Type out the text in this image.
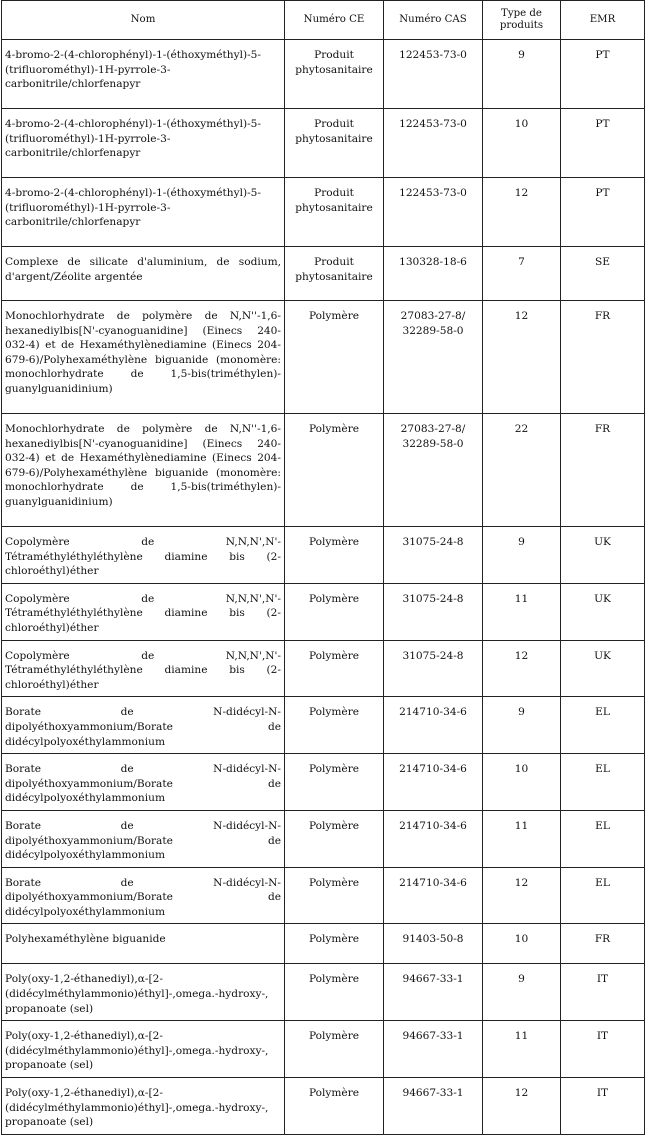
Nom	Numéro CE	Numéro CAS	Type de produits	EMR
4-bromo-2-(4-chlorophényl)-1-(éthoxyméthyl)-5-(trifluorométhyl)-1H-pyrrole-3-carbonitrile/chlorfenapyr	Produit phytosanitaire	122453-73-0	9	PT
4-bromo-2-(4-chlorophényl)-1-(éthoxyméthyl)-5-(trifluorométhyl)-1H-pyrrole-3-carbonitrile/chlorfenapyr	Produit phytosanitaire	122453-73-0	10	PT
4-bromo-2-(4-chlorophényl)-1-(éthoxyméthyl)-5-(trifluorométhyl)-1H-pyrrole-3-carbonitrile/chlorfenapyr	Produit phytosanitaire	122453-73-0	12	PT
Complexe de silicate d'aluminium, de sodium, d'argent/Zéolite argentée	Produit phytosanitaire	130328-18-6	7	SE
Monochlorhydrate de polymère de N,N''-1,6-hexanediylbis[N'-cyanoguanidine] (Einecs 240-032-4) et de Hexaméthylènediamine (Einecs 204-679-6)/Polyhexaméthylène biguanide (monomère: monochlorhydrate de 1,5-bis(triméthylen)-guanylguanidinium)	Polymère	27083-27-8/ 32289-58-0	12	FR
Monochlorhydrate de polymère de N,N''-1,6-hexanediylbis[N'-cyanoguanidine] (Einecs 240-032-4) et de Hexaméthylènediamine (Einecs 204-679-6)/Polyhexaméthylène biguanide (monomère: monochlorhydrate de 1,5-bis(triméthylen)-guanylguanidinium)	Polymère	27083-27-8/ 32289-58-0	22	FR
Copolymère de N,N,N',N'-Tétraméthyléthyléthylène diamine bis (2-chloroéthyl)éther	Polymère	31075-24-8	9	UK
Copolymère de N,N,N',N'-Tétraméthyléthyléthylène diamine bis (2-chloroéthyl)éther	Polymère	31075-24-8	11	UK
Copolymère de N,N,N',N'-Tétraméthyléthyléthylène diamine bis (2-chloroéthyl)éther	Polymère	31075-24-8	12	UK
Borate de N-didécyl-N-dipolyéthoxyammonium/Borate de didécylpolyoxéthylammonium	Polymère	214710-34-6	9	EL
Borate de N-didécyl-N-dipolyéthoxyammonium/Borate de didécylpolyoxéthylammonium	Polymère	214710-34-6	10	EL
Borate de N-didécyl-N-dipolyéthoxyammonium/Borate de didécylpolyoxéthylammonium	Polymère	214710-34-6	11	EL
Borate de N-didécyl-N-dipolyéthoxyammonium/Borate de didécylpolyoxéthylammonium	Polymère	214710-34-6	12	EL
Polyhexaméthylène biguanide	Polymère	91403-50-8	10	FR
Poly(oxy-1,2-éthanediyl),α-[2-(didécylméthylammonio)éthyl]-,omega.-hydroxy-, propanoate (sel)	Polymère	94667-33-1	9	IT
Poly(oxy-1,2-éthanediyl),α-[2-(didécylméthylammonio)éthyl]-,omega.-hydroxy-, propanoate (sel)	Polymère	94667-33-1	11	IT
Poly(oxy-1,2-éthanediyl),α-[2-(didécylméthylammonio)éthyl]-,omega.-hydroxy-, propanoate (sel)	Polymère	94667-33-1	12	IT
